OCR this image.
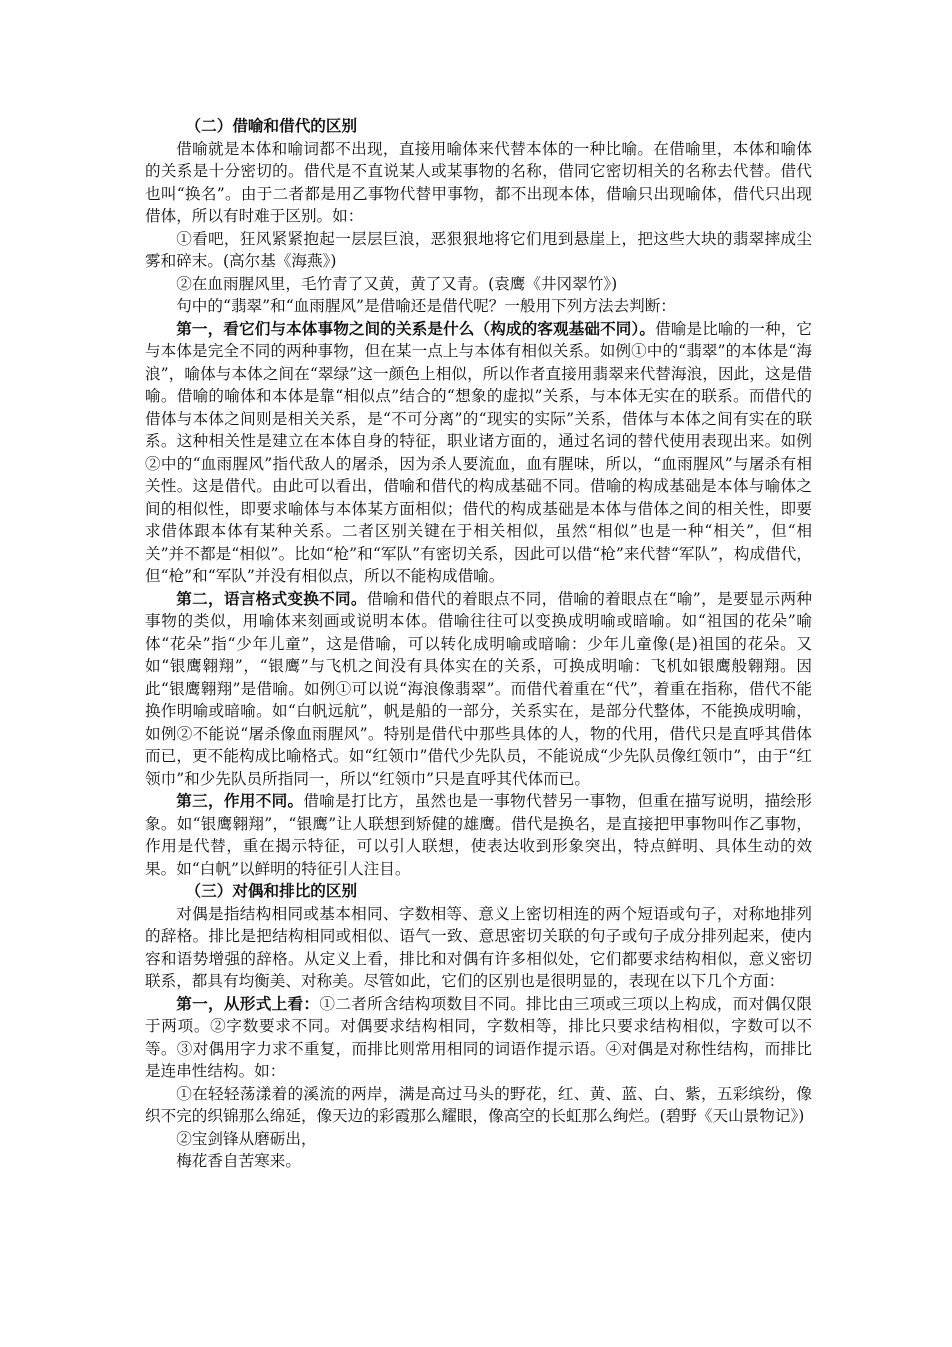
（二）借喻和借代的区别

借喻就是本体和喻词都不出现，直接用喻体来代替本体的一种比喻。在借喻里，本体和喻体的关系是十分密切的。借代是不直说某人或某事物的名称，借同它密切相关的名称去代替。借代也叫“换名”。由于二者都是用乙事物代替甲事物，都不出现本体，借喻只出现喻体，借代只出现借体，所以有时难于区别。如：

①看吧，狂风紧紧抱起一层层巨浪，恶狠狠地将它们甩到悬崖上，把这些大块的翡翠摔成尘雾和碎末。(高尔基《海燕》)

②在血雨腥风里，毛竹青了又黄，黄了又青。(袁鹰《井冈翠竹》)

句中的“翡翠”和“血雨腥风”是借喻还是借代呢？一般用下列方法去判断：

第一，看它们与本体事物之间的关系是什么（构成的客观基础不同）。借喻是比喻的一种，它与本体是完全不同的两种事物，但在某一点上与本体有相似关系。如例①中的“翡翠”的本体是“海浪”，喻体与本体之间在“翠绿”这一颜色上相似，所以作者直接用翡翠来代替海浪，因此，这是借喻。借喻的喻体和本体是靠“相似点”结合的“想象的虚拟”关系，与本体无实在的联系。而借代的借体与本体之间则是相关关系，是“不可分离”的“现实的实际”关系，借体与本体之间有实在的联系。这种相关性是建立在本体自身的特征，职业诸方面的，通过名词的替代使用表现出来。如例②中的“血雨腥风”指代敌人的屠杀，因为杀人要流血，血有腥味，所以，“血雨腥风”与屠杀有相关性。这是借代。由此可以看出，借喻和借代的构成基础不同。借喻的构成基础是本体与喻体之间的相似性，即要求喻体与本体某方面相似；借代的构成基础是本体与借体之间的相关性，即要求借体跟本体有某种关系。二者区别关键在于相关相似，虽然“相似”也是一种“相关”，但“相关”并不都是“相似”。比如“枪”和“军队”有密切关系，因此可以借“枪”来代替“军队”，构成借代，但“枪”和“军队”并没有相似点，所以不能构成借喻。

第二，语言格式变换不同。借喻和借代的着眼点不同，借喻的着眼点在“喻”，是要显示两种事物的类似，用喻体来刻画或说明本体。借喻往往可以变换成明喻或暗喻。如“祖国的花朵”喻体“花朵”指“少年儿童”，这是借喻，可以转化成明喻或暗喻：少年儿童像(是)祖国的花朵。又如“银鹰翱翔”，“银鹰”与飞机之间没有具体实在的关系，可换成明喻：飞机如银鹰般翱翔。因此“银鹰翱翔”是借喻。如例①可以说“海浪像翡翠”。而借代着重在“代”，着重在指称，借代不能换作明喻或暗喻。如“白帆远航”，帆是船的一部分，关系实在，是部分代整体，不能换成明喻，如例②不能说“屠杀像血雨腥风”。特别是借代中那些具体的人，物的代用，借代只是直呼其借体而已，更不能构成比喻格式。如“红领巾”借代少先队员，不能说成“少先队员像红领巾”，由于“红领巾”和少先队员所指同一，所以“红领巾”只是直呼其代体而已。

第三，作用不同。借喻是打比方，虽然也是一事物代替另一事物，但重在描写说明，描绘形象。如“银鹰翱翔”，“银鹰”让人联想到矫健的雄鹰。借代是换名，是直接把甲事物叫作乙事物，作用是代替，重在揭示特征，可以引人联想，使表达收到形象突出，特点鲜明、具体生动的效果。如“白帆”以鲜明的特征引人注目。

（三）对偶和排比的区别

对偶是指结构相同或基本相同、字数相等、意义上密切相连的两个短语或句子，对称地排列的辞格。排比是把结构相同或相似、语气一致、意思密切关联的句子或句子成分排列起来，使内容和语势增强的辞格。从定义上看，排比和对偶有许多相似处，它们都要求结构相似，意义密切联系，都具有均衡美、对称美。尽管如此，它们的区别也是很明显的，表现在以下几个方面：

第一，从形式上看：①二者所含结构项数目不同。排比由三项或三项以上构成，而对偶仅限于两项。②字数要求不同。对偶要求结构相同，字数相等，排比只要求结构相似，字数可以不等。③对偶用字力求不重复，而排比则常用相同的词语作提示语。④对偶是对称性结构，而排比是连串性结构。如：

①在轻轻荡漾着的溪流的两岸，满是高过马头的野花，红、黄、蓝、白、紫，五彩缤纷，像织不完的织锦那么绵延，像天边的彩霞那么耀眼，像高空的长虹那么绚烂。(碧野《天山景物记》)

②宝剑锋从磨砺出，

梅花香自苦寒来。
